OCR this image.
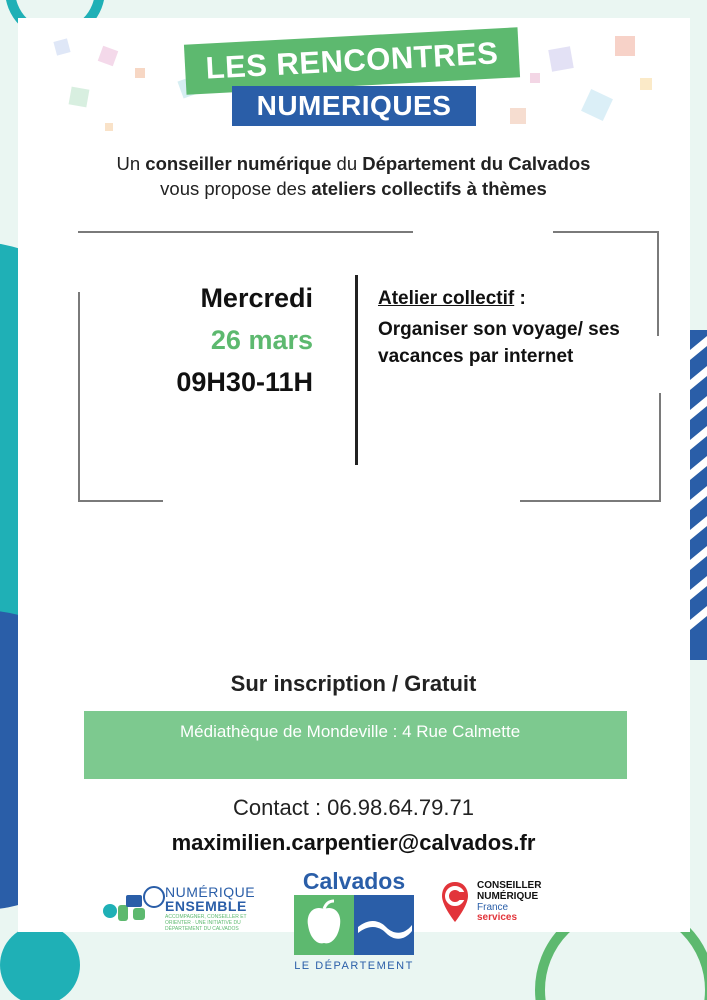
LES RENCONTRES
NUMERIQUES
Un conseiller numérique du Département du Calvados
vous propose des ateliers collectifs à thèmes
Mercredi
26 mars
09H30-11H
Atelier collectif :
Organiser son voyage/ ses vacances par internet
Sur inscription / Gratuit
Médiathèque de Mondeville : 4 Rue Calmette
Contact : 06.98.64.79.71
maximilien.carpentier@calvados.fr
NUMÉRIQUE
ENSEMBLE
ACCOMPAGNER, CONSEILLER ET ORIENTER · UNE INITIATIVE DU DÉPARTEMENT DU CALVADOS
Calvados
LE DÉPARTEMENT
CONSEILLER
NUMÉRIQUE
France
services
